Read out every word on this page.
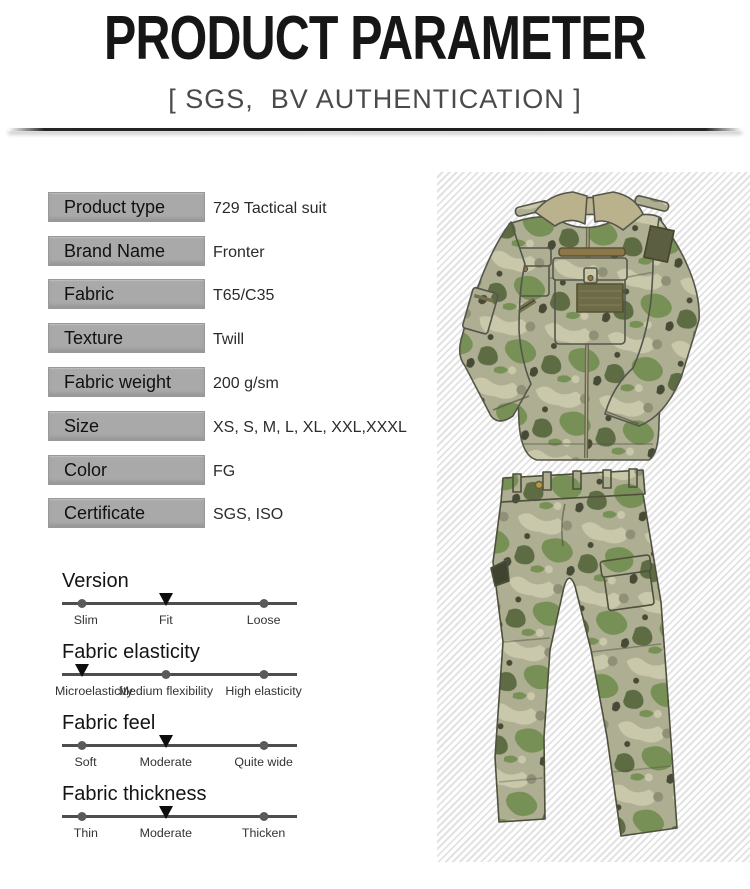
PRODUCT PARAMETER
[ SGS,  BV AUTHENTICATION ]
Product type	729 Tactical suit
Brand Name	Fronter
Fabric	T65/C35
Texture	Twill
Fabric weight	200 g/sm
Size	XS, S, M, L, XL, XXL,XXXL
Color	FG
Certificate	SGS, ISO
Version
Slim	Fit	Loose
Fabric elasticity
Microelasticity
Medium flexibility High elasticity
Fabric feel
Soft	Moderate	Quite wide
Fabric thickness
Thin	Moderate	Thicken
